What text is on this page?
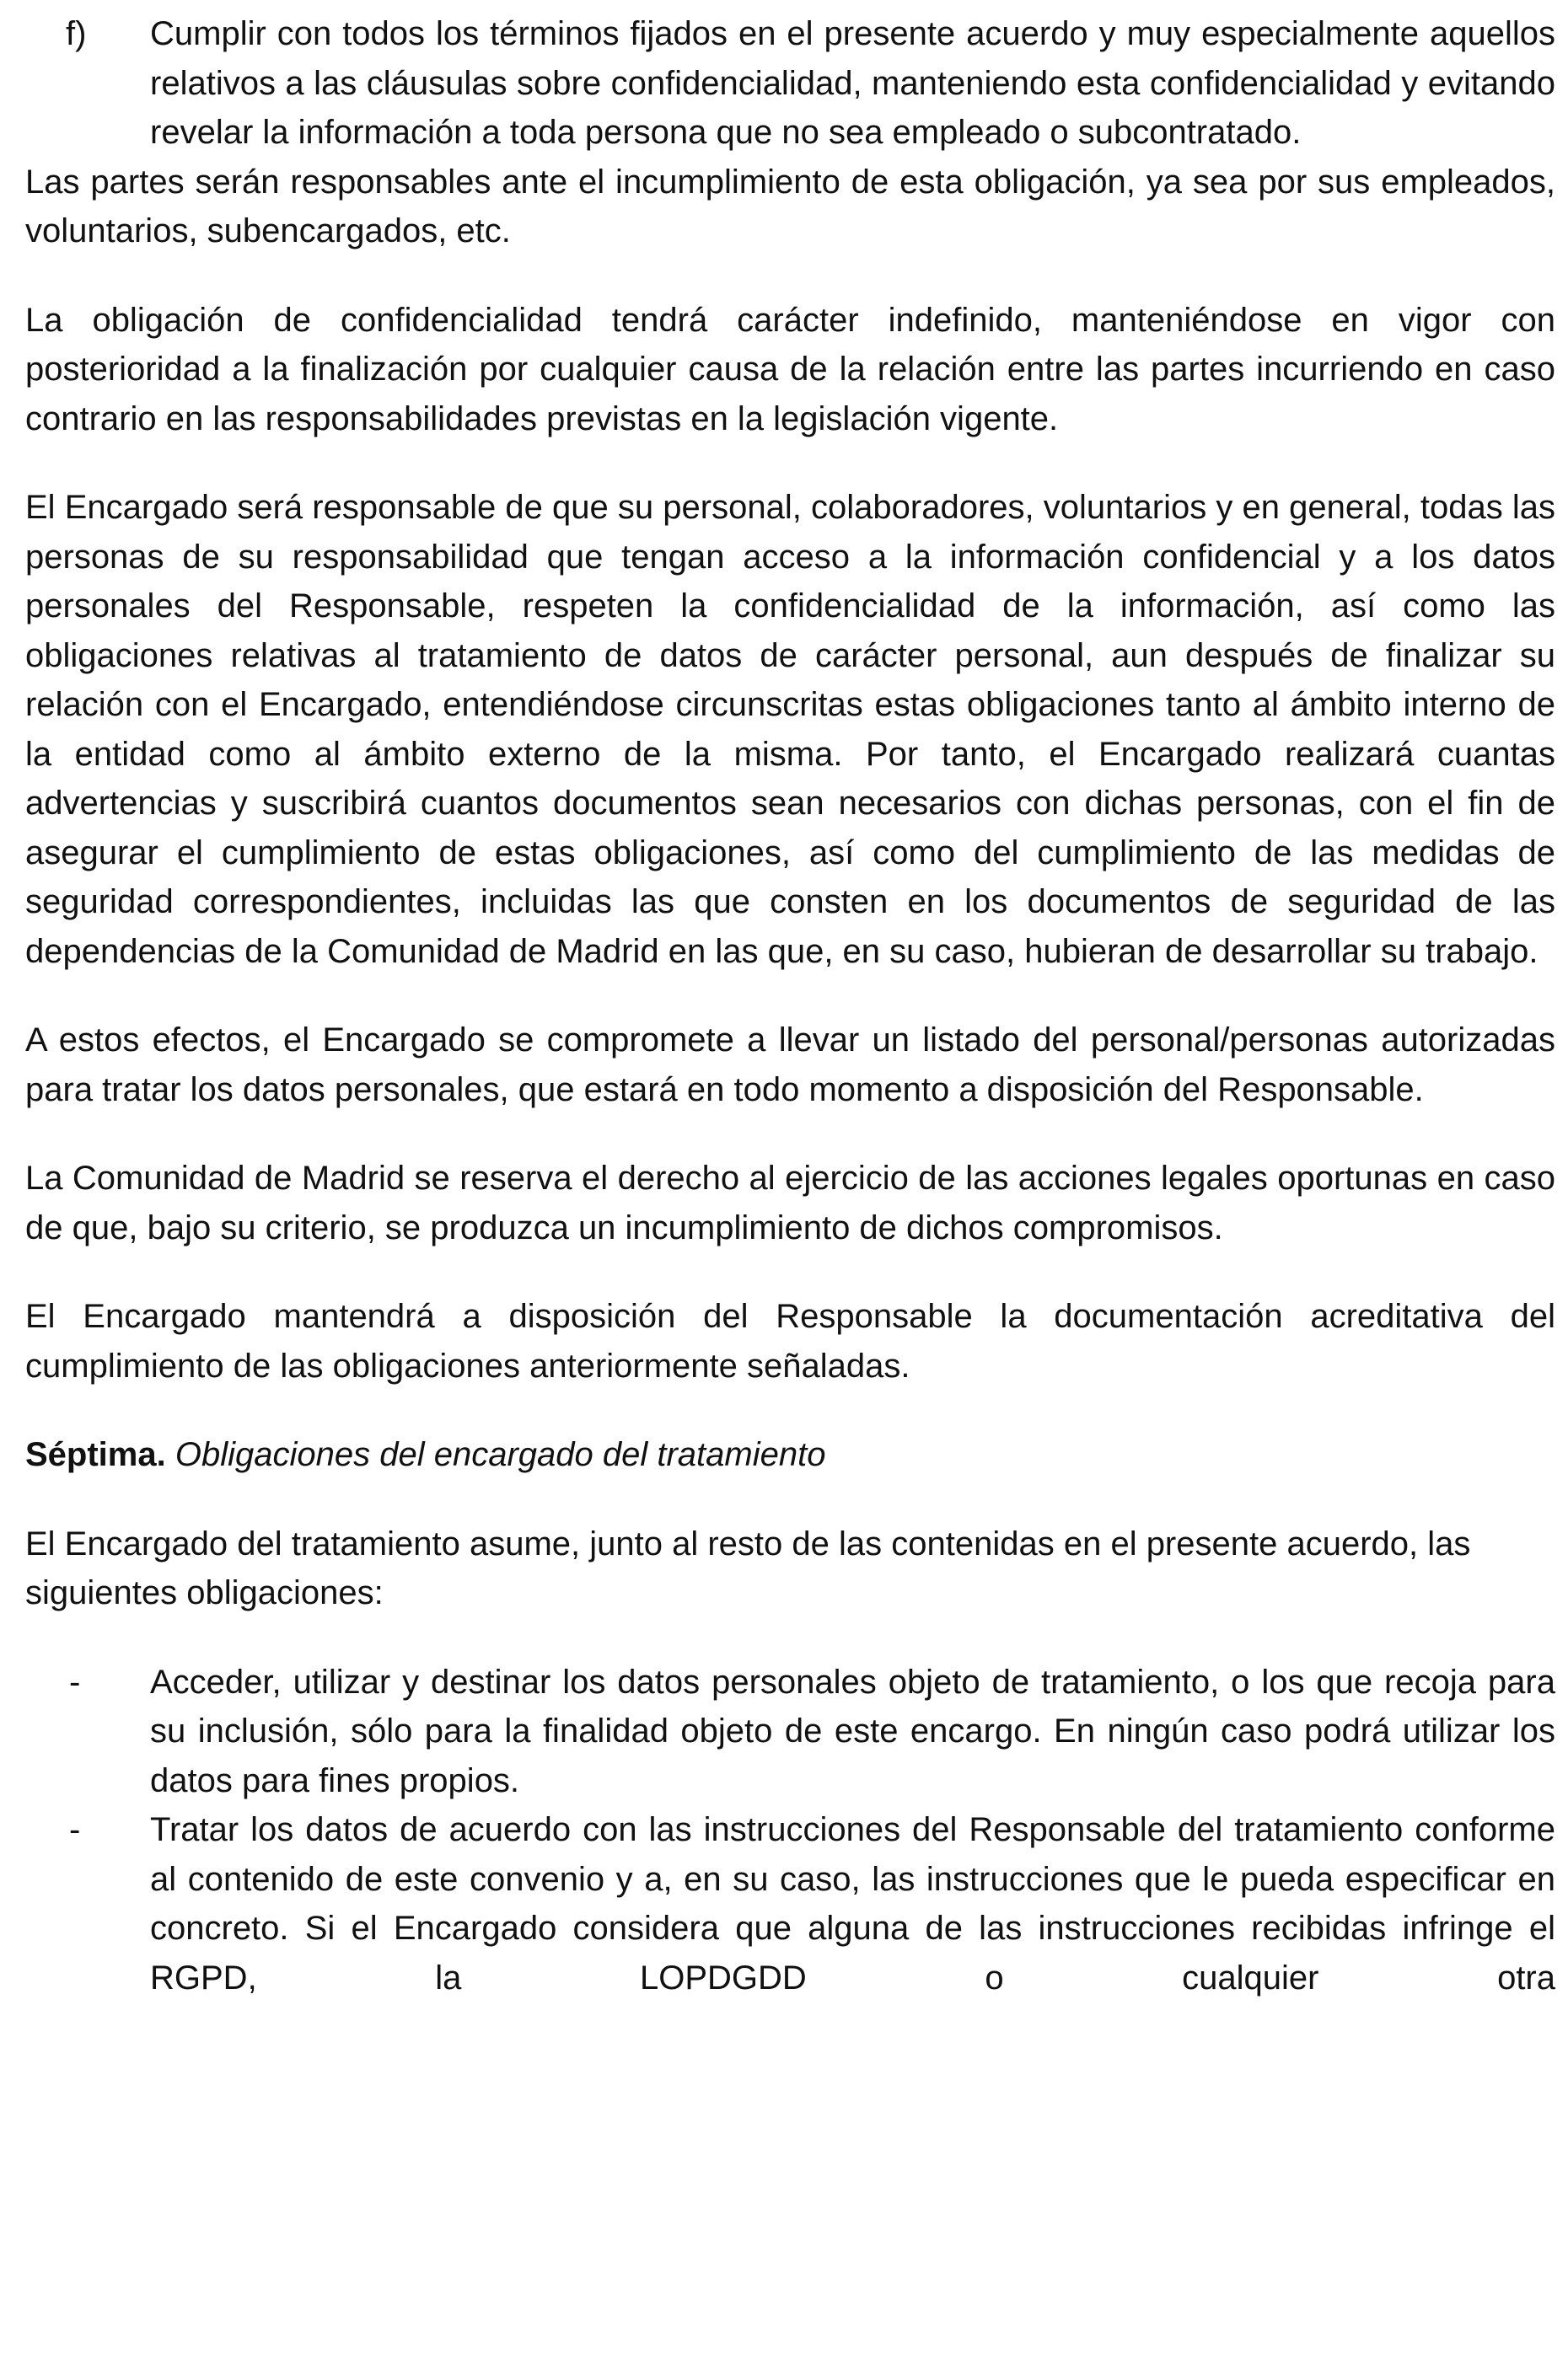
f) Cumplir con todos los términos fijados en el presente acuerdo y muy especialmente aquellos relativos a las cláusulas sobre confidencialidad, manteniendo esta confidencialidad y evitando revelar la información a toda persona que no sea empleado o subcontratado.

Las partes serán responsables ante el incumplimiento de esta obligación, ya sea por sus empleados, voluntarios, subencargados, etc.

La obligación de confidencialidad tendrá carácter indefinido, manteniéndose en vigor con posterioridad a la finalización por cualquier causa de la relación entre las partes incurriendo en caso contrario en las responsabilidades previstas en la legislación vigente.

El Encargado será responsable de que su personal, colaboradores, voluntarios y en general, todas las personas de su responsabilidad que tengan acceso a la información confidencial y a los datos personales del Responsable, respeten la confidencialidad de la información, así como las obligaciones relativas al tratamiento de datos de carácter personal, aun después de finalizar su relación con el Encargado, entendiéndose circunscritas estas obligaciones tanto al ámbito interno de la entidad como al ámbito externo de la misma. Por tanto, el Encargado realizará cuantas advertencias y suscribirá cuantos documentos sean necesarios con dichas personas, con el fin de asegurar el cumplimiento de estas obligaciones, así como del cumplimiento de las medidas de seguridad correspondientes, incluidas las que consten en los documentos de seguridad de las dependencias de la Comunidad de Madrid en las que, en su caso, hubieran de desarrollar su trabajo.

A estos efectos, el Encargado se compromete a llevar un listado del personal/personas autorizadas para tratar los datos personales, que estará en todo momento a disposición del Responsable.

La Comunidad de Madrid se reserva el derecho al ejercicio de las acciones legales oportunas en caso de que, bajo su criterio, se produzca un incumplimiento de dichos compromisos.

El Encargado mantendrá a disposición del Responsable la documentación acreditativa del cumplimiento de las obligaciones anteriormente señaladas.

Séptima. Obligaciones del encargado del tratamiento

El Encargado del tratamiento asume, junto al resto de las contenidas en el presente acuerdo, las siguientes obligaciones:

- Acceder, utilizar y destinar los datos personales objeto de tratamiento, o los que recoja para su inclusión, sólo para la finalidad objeto de este encargo. En ningún caso podrá utilizar los datos para fines propios.
- Tratar los datos de acuerdo con las instrucciones del Responsable del tratamiento conforme al contenido de este convenio y a, en su caso, las instrucciones que le pueda especificar en concreto. Si el Encargado considera que alguna de las instrucciones recibidas infringe el RGPD, la LOPDGDD o cualquier otra
